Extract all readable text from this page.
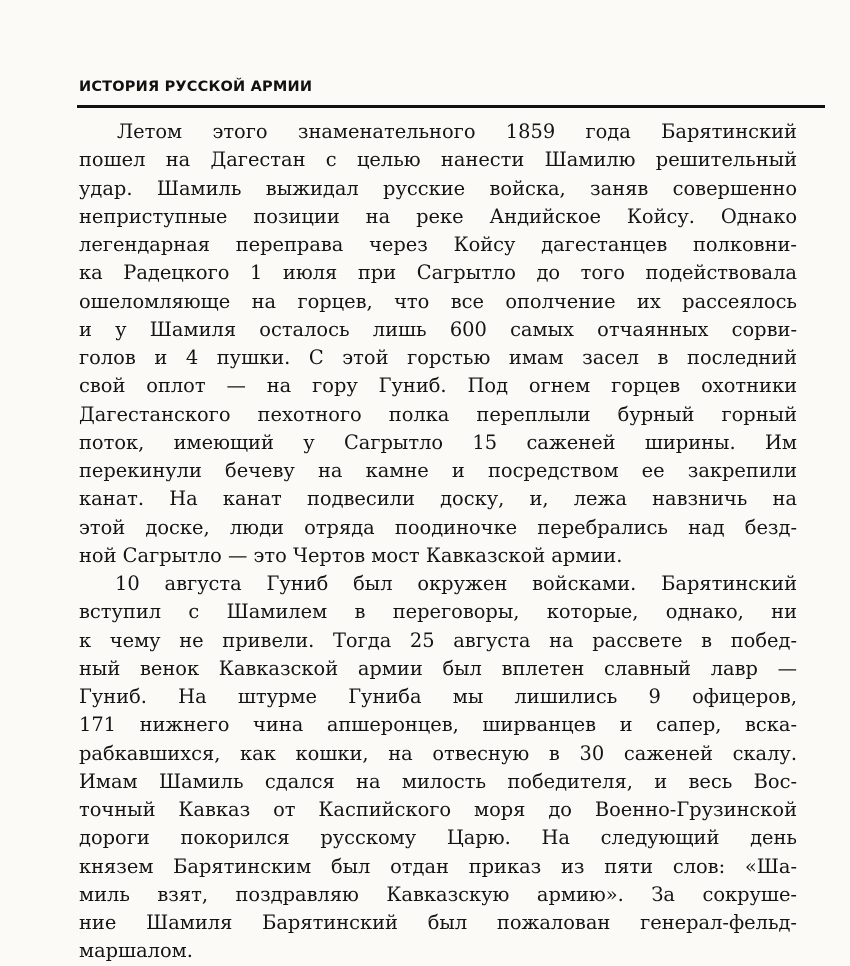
ИСТОРИЯ РУССКОЙ АРМИИ
Летом этого знаменательного 1859 года Барятинский
пошел на Дагестан с целью нанести Шамилю решительный
удар. Шамиль выжидал русские войска, заняв совершенно
неприступные позиции на реке Андийское Койсу. Однако
легендарная переправа через Койсу дагестанцев полковни-
ка Радецкого 1 июля при Сагрытло до того подействовала
ошеломляюще на горцев, что все ополчение их рассеялось
и у Шамиля осталось лишь 600 самых отчаянных сорви-
голов и 4 пушки. С этой горстью имам засел в последний
свой оплот — на гору Гуниб. Под огнем горцев охотники
Дагестанского пехотного полка переплыли бурный горный
поток, имеющий у Сагрытло 15 саженей ширины. Им
перекинули бечеву на камне и посредством ее закрепили
канат. На канат подвесили доску, и, лежа навзничь на
этой доске, люди отряда поодиночке перебрались над безд-
ной Сагрытло — это Чертов мост Кавказской армии.
10 августа Гуниб был окружен войсками. Барятинский
вступил с Шамилем в переговоры, которые, однако, ни
к чему не привели. Тогда 25 августа на рассвете в побед-
ный венок Кавказской армии был вплетен славный лавр —
Гуниб. На штурме Гуниба мы лишились 9 офицеров,
171 нижнего чина апшеронцев, ширванцев и сапер, вска-
рабкавшихся, как кошки, на отвесную в 30 саженей скалу.
Имам Шамиль сдался на милость победителя, и весь Вос-
точный Кавказ от Каспийского моря до Военно-Грузинской
дороги покорился русскому Царю. На следующий день
князем Барятинским был отдан приказ из пяти слов: «Ша-
миль взят, поздравляю Кавказскую армию». За сокруше-
ние Шамиля Барятинский был пожалован генерал-фельд-
маршалом.
